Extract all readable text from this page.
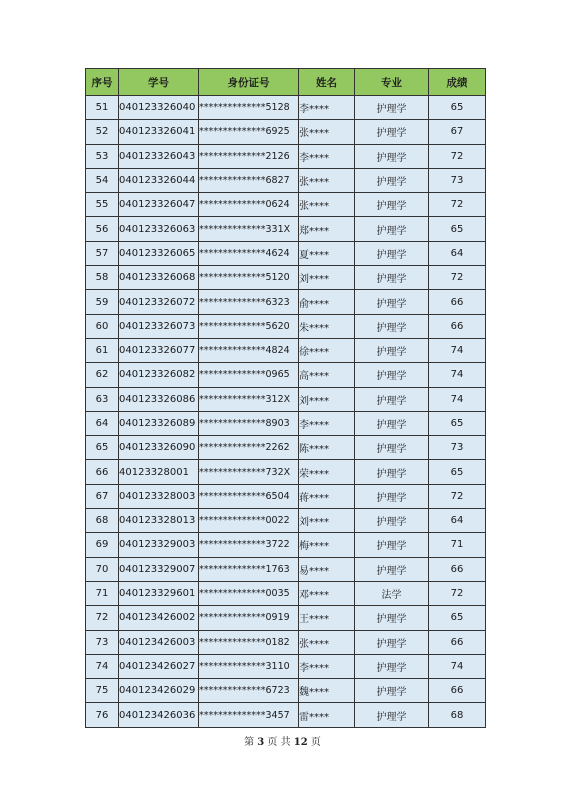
序号	学号	身份证号	姓名	专业	成绩
51	040123326040	**************5128	李****	护理学	65
52	040123326041	**************6925	张****	护理学	67
53	040123326043	**************2126	李****	护理学	72
54	040123326044	**************6827	张****	护理学	73
55	040123326047	**************0624	张****	护理学	72
56	040123326063	**************331X	郑****	护理学	65
57	040123326065	**************4624	夏****	护理学	64
58	040123326068	**************5120	刘****	护理学	72
59	040123326072	**************6323	俞****	护理学	66
60	040123326073	**************5620	朱****	护理学	66
61	040123326077	**************4824	徐****	护理学	74
62	040123326082	**************0965	高****	护理学	74
63	040123326086	**************312X	刘****	护理学	74
64	040123326089	**************8903	李****	护理学	65
65	040123326090	**************2262	陈****	护理学	73
66	40123328001	**************732X	荣****	护理学	65
67	040123328003	**************6504	蒋****	护理学	72
68	040123328013	**************0022	刘****	护理学	64
69	040123329003	**************3722	梅****	护理学	71
70	040123329007	**************1763	易****	护理学	66
71	040123329601	**************0035	邓****	法学	72
72	040123426002	**************0919	王****	护理学	65
73	040123426003	**************0182	张****	护理学	66
74	040123426027	**************3110	李****	护理学	74
75	040123426029	**************6723	魏****	护理学	66
76	040123426036	**************3457	雷****	护理学	68
第 3 页 共 12 页
